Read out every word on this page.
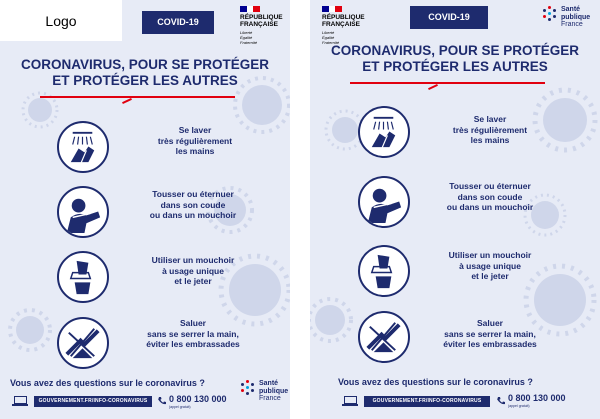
Logo	COVID-19	RÉPUBLIQUE
FRANÇAISE
Liberté
Égalité
Fraternité
CORONAVIRUS, POUR SE PROTÉGER
ET PROTÉGER LES AUTRES
Se laver
très régulièrement
les mains
Tousser ou éternuer
dans son coude
ou dans un mouchoir
Utiliser un mouchoir
à usage unique
et le jeter
Saluer
sans se serrer la main,
éviter les embrassades
Vous avez des questions sur le coronavirus ?
GOUVERNEMENT.FR/INFO-CORONAVIRUS	0 800 130 000
(appel gratuit)
Santé
publique
France
RÉPUBLIQUE
FRANÇAISE
Liberté
Égalité
Fraternité
COVID-19
Santé
publique
France
CORONAVIRUS, POUR SE PROTÉGER
ET PROTÉGER LES AUTRES
Se laver
très régulièrement
les mains
Tousser ou éternuer
dans son coude
ou dans un mouchoir
Utiliser un mouchoir
à usage unique
et le jeter
Saluer
sans se serrer la main,
éviter les embrassades
Vous avez des questions sur le coronavirus ?
GOUVERNEMENT.FR/INFO-CORONAVIRUS	0 800 130 000
(appel gratuit)
